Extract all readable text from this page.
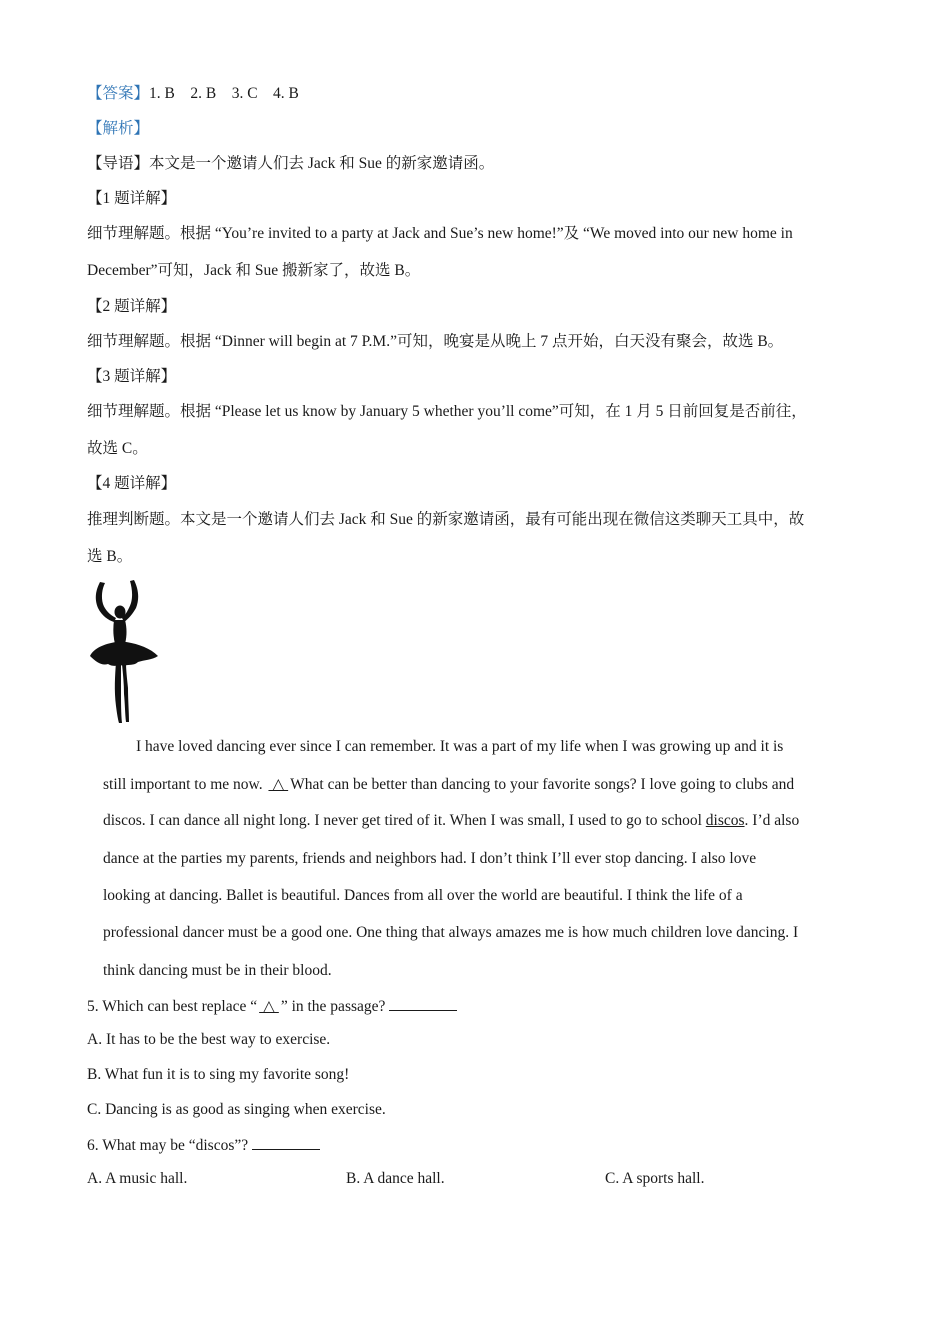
【答案】1. B    2. B    3. C    4. B
【解析】
【导语】本文是一个邀请人们去 Jack 和 Sue 的新家邀请函。
【1 题详解】
细节理解题。根据 “You’re invited to a party at Jack and Sue’s new home!”及 “We moved into our new home in
December”可知，Jack 和 Sue 搬新家了，故选 B。
【2 题详解】
细节理解题。根据 “Dinner will begin at 7 P.M.”可知，晚宴是从晚上 7 点开始，白天没有聚会，故选 B。
【3 题详解】
细节理解题。根据 “Please let us know by January 5 whether you’ll come”可知，在 1 月 5 日前回复是否前往，
故选 C。
【4 题详解】
推理判断题。本文是一个邀请人们去 Jack 和 Sue 的新家邀请函，最有可能出现在微信这类聊天工具中，故
选 B。
I have loved dancing ever since I can remember. It was a part of my life when I was growing up and it is
still important to me now.  △ What can be better than dancing to your favorite songs? I love going to clubs and
discos. I can dance all night long. I never get tired of it. When I was small, I used to go to school discos. I’d also
dance at the parties my parents, friends and neighbors had. I don’t think I’ll ever stop dancing. I also love
looking at dancing. Ballet is beautiful. Dances from all over the world are beautiful. I think the life of a
professional dancer must be a good one. One thing that always amazes me is how much children love dancing. I
think dancing must be in their blood.
5. Which can best replace “ △ ” in the passage?
A. It has to be the best way to exercise.
B. What fun it is to sing my favorite song!
C. Dancing is as good as singing when exercise.
6. What may be “discos”?
A. A music hall.	B. A dance hall.	C. A sports hall.
